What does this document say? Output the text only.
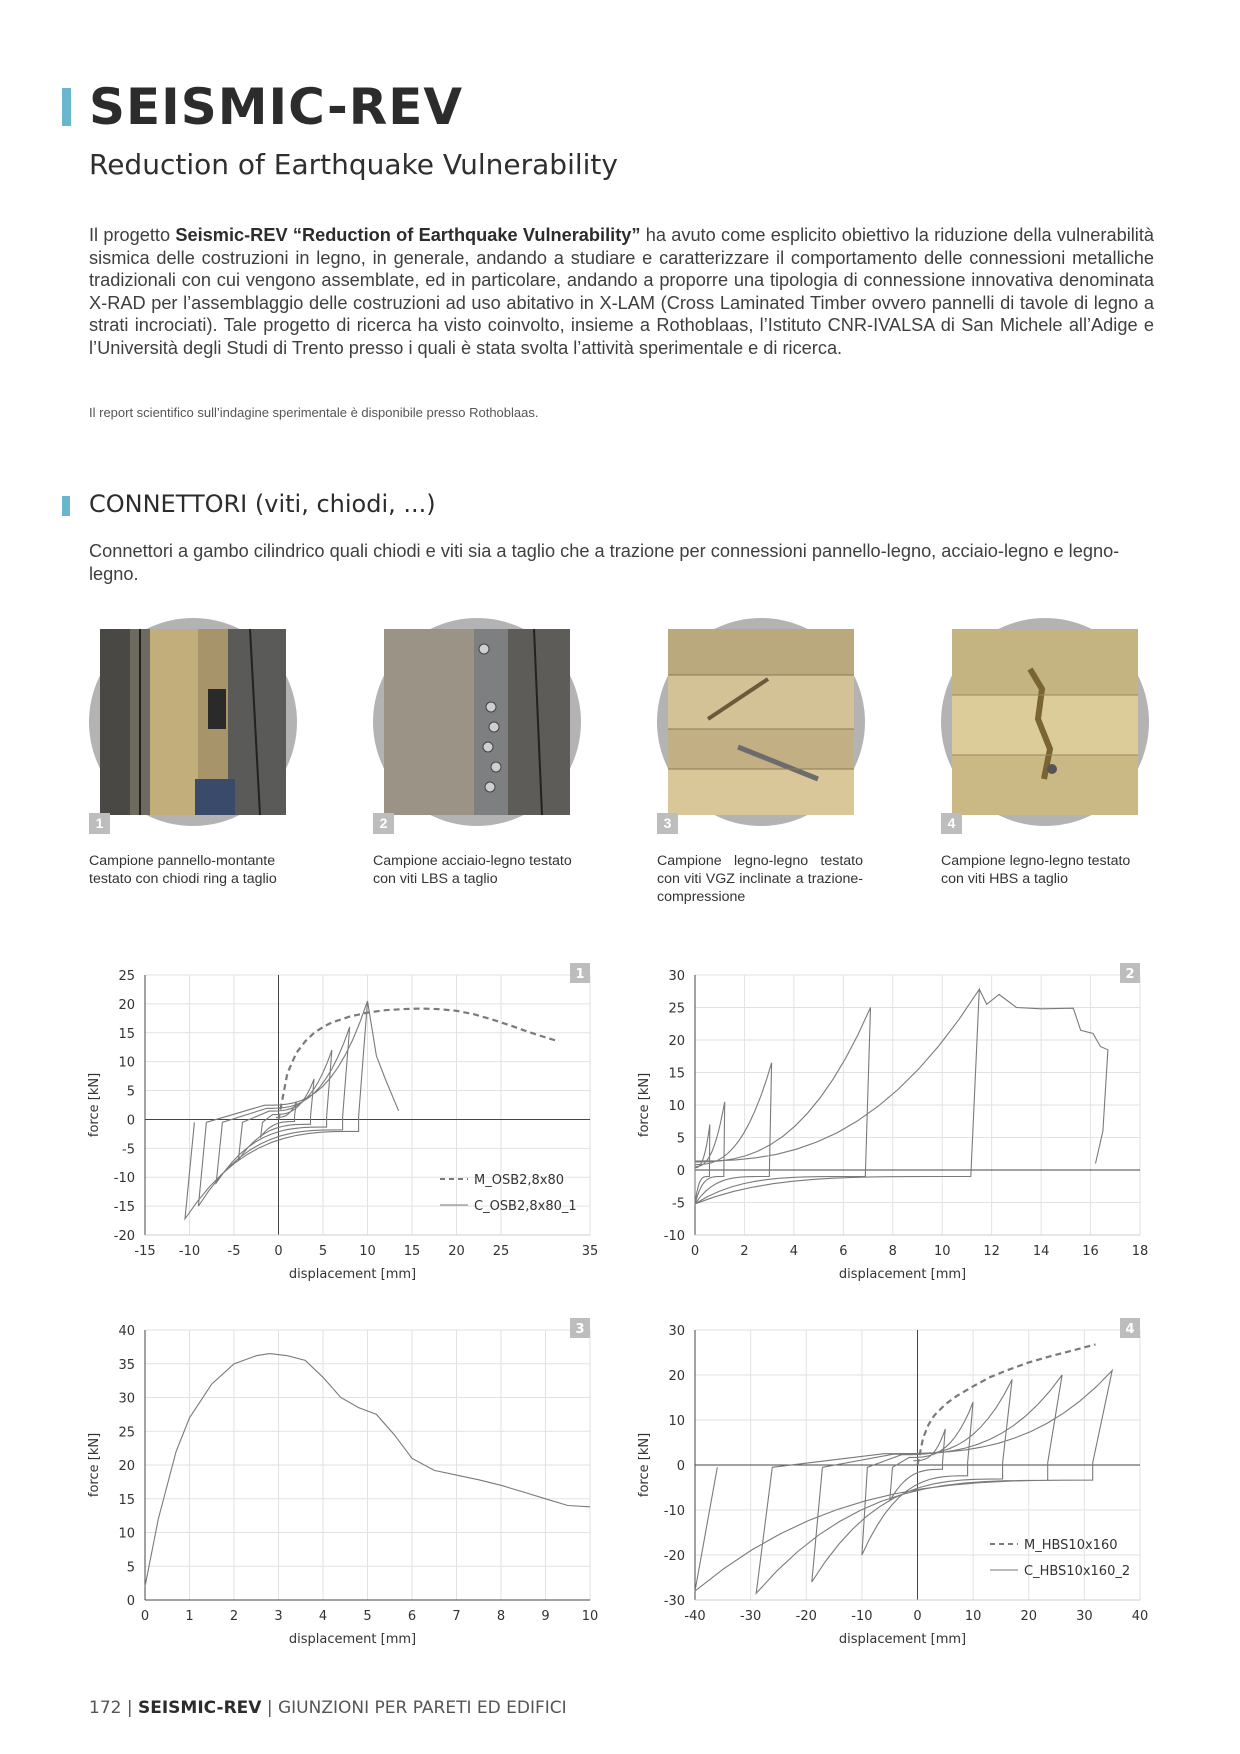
SEISMIC-REV
Reduction of Earthquake Vulnerability
Il progetto Seismic-REV “Reduction of Earthquake Vulnerability” ha avuto come esplicito obiettivo la riduzione della vulnerabilità sismica delle costruzioni in legno, in generale, andando a studiare e caratterizzare il comportamento delle connessioni metalliche tradizionali con cui vengono assemblate, ed in particolare, andando a proporre una tipologia di connessione innovativa denominata X-RAD per l’assemblaggio delle costruzioni ad uso abitativo in X-LAM (Cross Laminated Timber ovvero pannelli di tavole di legno a strati incrociati). Tale progetto di ricerca ha visto coinvolto, insieme a Rothoblaas, l’Istituto CNR-IVALSA di San Michele all’Adige e l’Università degli Studi di Trento presso i quali è stata svolta l’attività sperimentale e di ricerca.
Il report scientifico sull’indagine sperimentale è disponibile presso Rothoblaas.
CONNETTORI (viti, chiodi, ...)
Connettori a gambo cilindrico quali chiodi e viti sia a taglio che a trazione per connessioni pannello-legno, acciaio-legno e legno-legno.
1	2	3	4
Campione pannello-montante testato con chiodi ring a taglio
Campione acciaio-legno testato con viti LBS a taglio
Campione legno-legno testato con viti VGZ inclinate a trazione-compressione
Campione legno-legno testato con viti HBS a taglio
-15 -10 -5	0	5 10 15 20 25	35
25
20
15
10
5
0
-5
-10
-15
-20
displacement [mm]
force [kN]
1
M_OSB2,8x80
C_OSB2,8x80_1
0	2	4	6	8	10	12	14	16	18
30
25
20
15
10
5
0
-5
-10
displacement [mm]
force [kN]
2
0	1	2	3	4	5	6	7	8	9 10
40
35
30
25
20
15
10
5
0
displacement [mm]
force [kN]
3
-40	-30	-20	-10	0	10	20	30	40
30
20
10
0
-10
-20
-30
displacement [mm]
force [kN]
4
M_HBS10x160
C_HBS10x160_2
172 | SEISMIC-REV | GIUNZIONI PER PARETI ED EDIFICI
